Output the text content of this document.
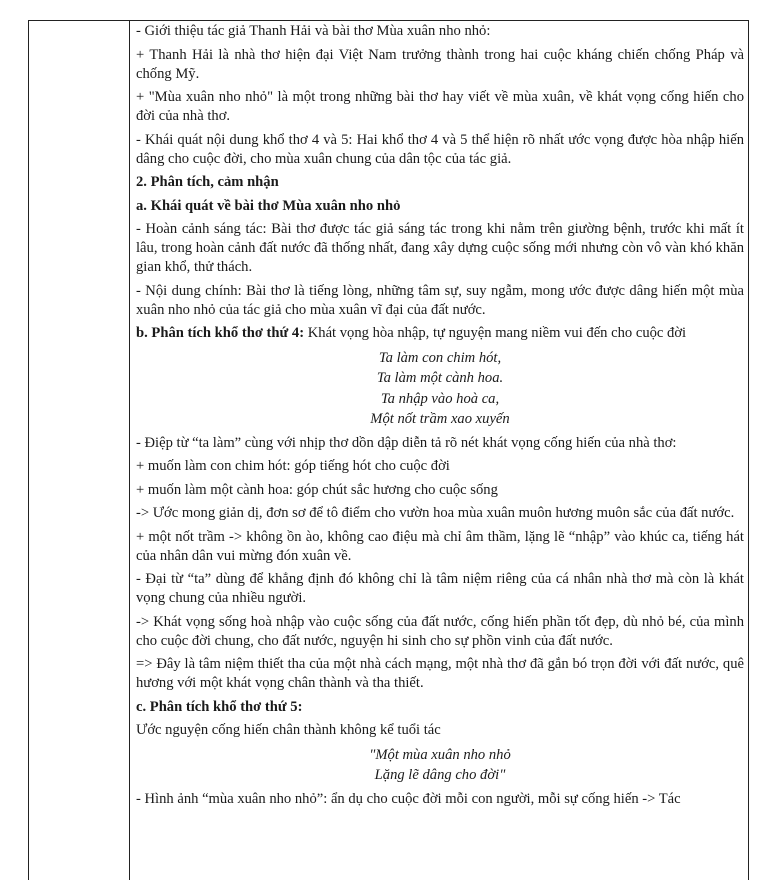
- Giới thiệu tác giả Thanh Hải và bài thơ Mùa xuân nho nhỏ:

+ Thanh Hải là nhà thơ hiện đại Việt Nam trưởng thành trong hai cuộc kháng chiến chống Pháp và chống Mỹ.

+ "Mùa xuân nho nhỏ" là một trong những bài thơ hay viết về mùa xuân, về khát vọng cống hiến cho đời của nhà thơ.

- Khái quát nội dung khổ thơ 4 và 5: Hai khổ thơ 4 và 5 thể hiện rõ nhất ước vọng được hòa nhập hiến dâng cho cuộc đời, cho mùa xuân chung của dân tộc của tác giả.

2. Phân tích, cảm nhận

a. Khái quát về bài thơ Mùa xuân nho nhỏ

- Hoàn cảnh sáng tác: Bài thơ được tác giả sáng tác trong khi nằm trên giường bệnh, trước khi mất ít lâu, trong hoàn cảnh đất nước đã thống nhất, đang xây dựng cuộc sống mới nhưng còn vô vàn khó khăn gian khổ, thử thách.

- Nội dung chính: Bài thơ là tiếng lòng, những tâm sự, suy ngẫm, mong ước được dâng hiến một mùa xuân nho nhỏ của tác giả cho mùa xuân vĩ đại của đất nước.

b. Phân tích khổ thơ thứ 4: Khát vọng hòa nhập, tự nguyện mang niềm vui đến cho cuộc đời

Ta làm con chim hót,

Ta làm một cành hoa.

Ta nhập vào hoà ca,

Một nốt trầm xao xuyến

- Điệp từ “ta làm” cùng với nhịp thơ dồn dập diễn tả rõ nét khát vọng cống hiến của nhà thơ:

+ muốn làm con chim hót: góp tiếng hót cho cuộc đời

+ muốn làm một cành hoa: góp chút sắc hương cho cuộc sống

-> Ước mong giản dị, đơn sơ để tô điểm cho vườn hoa mùa xuân muôn hương muôn sắc của đất nước.

+ một nốt trầm -> không ồn ào, không cao điệu mà chỉ âm thầm, lặng lẽ “nhập” vào khúc ca, tiếng hát của nhân dân vui mừng đón xuân về.

- Đại từ “ta” dùng để khẳng định đó không chỉ là tâm niệm riêng của cá nhân nhà thơ mà còn là khát vọng chung của nhiều người.

-> Khát vọng sống hoà nhập vào cuộc sống của đất nước, cống hiến phần tốt đẹp, dù nhỏ bé, của mình cho cuộc đời chung, cho đất nước, nguyện hi sinh cho sự phồn vinh của đất nước.

=> Đây là tâm niệm thiết tha của một nhà cách mạng, một nhà thơ đã gắn bó trọn đời với đất nước, quê hương với một khát vọng chân thành và tha thiết.

c. Phân tích khổ thơ thứ 5:

Ước nguyện cống hiến chân thành không kể tuổi tác

"Một mùa xuân nho nhỏ

Lặng lẽ dâng cho đời"

- Hình ảnh “mùa xuân nho nhỏ”: ẩn dụ cho cuộc đời mỗi con người, mỗi sự cống hiến -> Tác
